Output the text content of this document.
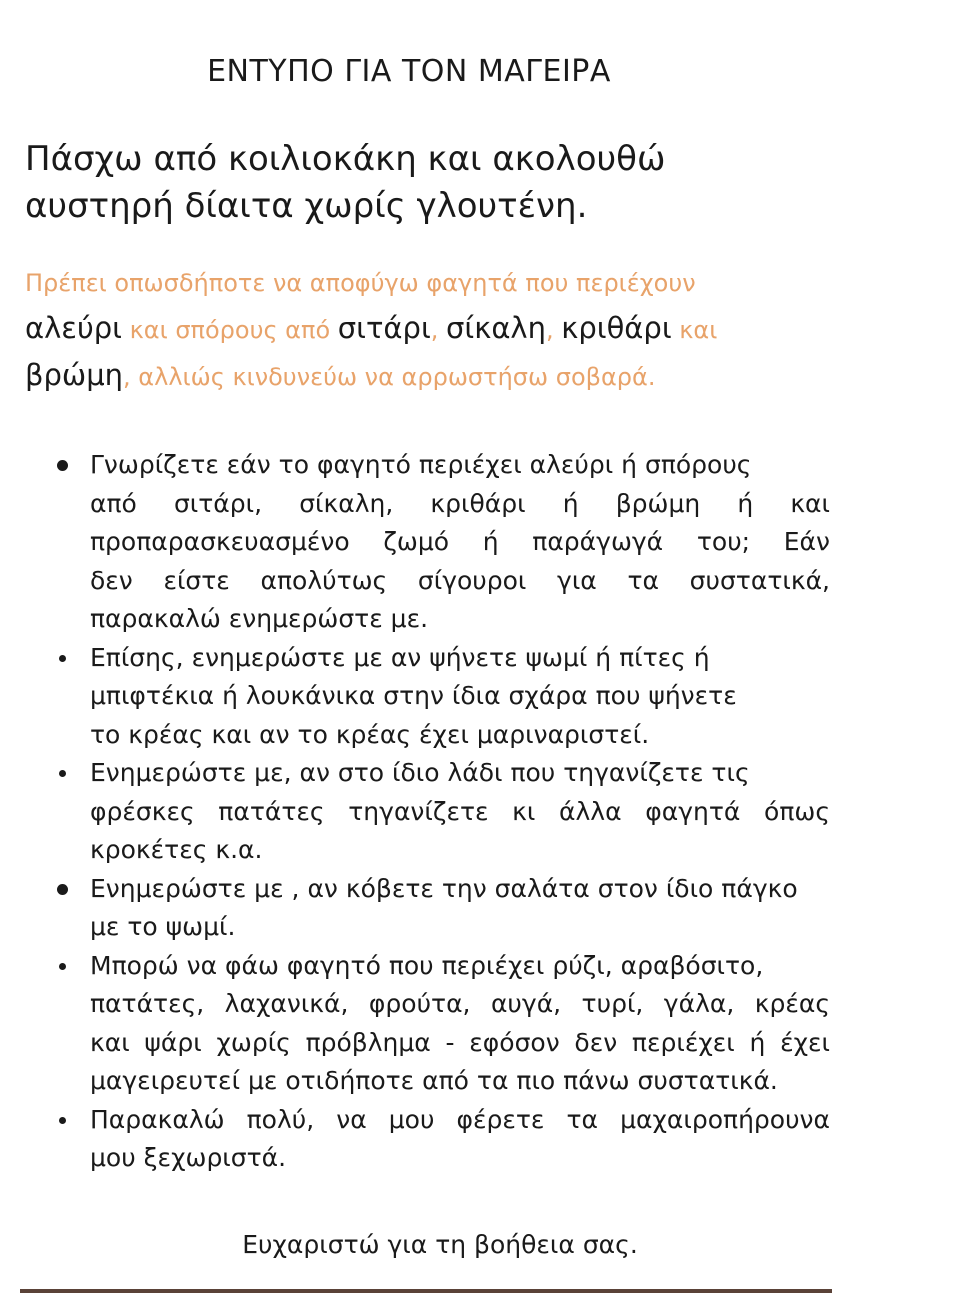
ΕΝΤΥΠΟ ΓΙΑ ΤΟΝ ΜΑΓΕΙΡΑ
Πάσχω από κοιλιοκάκη και ακολουθώ
αυστηρή δίαιτα χωρίς γλουτένη.
Πρέπει οπωσδήποτε να αποφύγω φαγητά που περιέχουν
αλεύρι και σπόρους από σιτάρι, σίκαλη, κριθάρι και
βρώμη, αλλιώς κινδυνεύω να αρρωστήσω σοβαρά.
Γνωρίζετε εάν το φαγητό περιέχει αλεύρι ή σπόρους
από σιτάρι, σίκαλη, κριθάρι ή βρώμη ή και
προπαρασκευασμένο ζωμό ή παράγωγά του; Εάν
δεν είστε απολύτως σίγουροι για τα συστατικά,
παρακαλώ ενημερώστε με.
Επίσης, ενημερώστε με αν ψήνετε ψωμί ή πίτες ή
μπιφτέκια ή λουκάνικα στην ίδια σχάρα που ψήνετε
το κρέας και αν το κρέας έχει μαριναριστεί.
Ενημερώστε με, αν στο ίδιο λάδι που τηγανίζετε τις
φρέσκες πατάτες τηγανίζετε κι άλλα φαγητά όπως
κροκέτες κ.α.
Ενημερώστε με , αν κόβετε την σαλάτα στον ίδιο πάγκο
με το ψωμί.
Μπορώ να φάω φαγητό που περιέχει ρύζι, αραβόσιτο,
πατάτες, λαχανικά, φρούτα, αυγά, τυρί, γάλα, κρέας
και ψάρι χωρίς πρόβλημα - εφόσον δεν περιέχει ή έχει
μαγειρευτεί με οτιδήποτε από τα πιο πάνω συστατικά.
Παρακαλώ πολύ, να μου φέρετε τα μαχαιροπήρουνα
μου ξεχωριστά.
Ευχαριστώ για τη βοήθεια σας.
